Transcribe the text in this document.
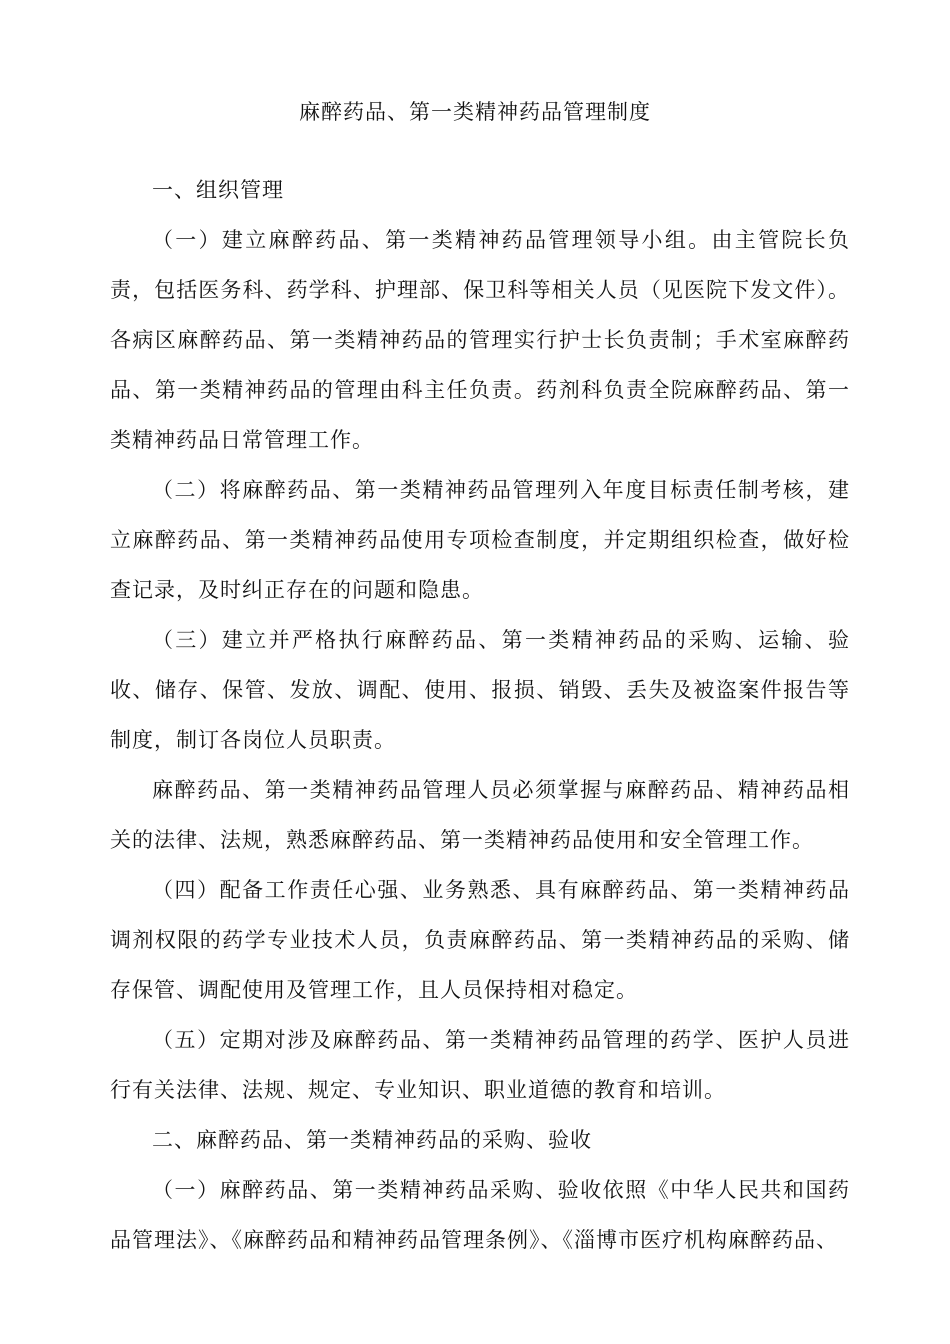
麻醉药品、第一类精神药品管理制度

一、组织管理

（一）建立麻醉药品、第一类精神药品管理领导小组。由主管院长负责，包括医务科、药学科、护理部、保卫科等相关人员（见医院下发文件）。各病区麻醉药品、第一类精神药品的管理实行护士长负责制；手术室麻醉药品、第一类精神药品的管理由科主任负责。药剂科负责全院麻醉药品、第一类精神药品日常管理工作。

（二）将麻醉药品、第一类精神药品管理列入年度目标责任制考核，建立麻醉药品、第一类精神药品使用专项检查制度，并定期组织检查，做好检查记录，及时纠正存在的问题和隐患。

（三）建立并严格执行麻醉药品、第一类精神药品的采购、运输、验收、储存、保管、发放、调配、使用、报损、销毁、丢失及被盗案件报告等制度，制订各岗位人员职责。

麻醉药品、第一类精神药品管理人员必须掌握与麻醉药品、精神药品相关的法律、法规，熟悉麻醉药品、第一类精神药品使用和安全管理工作。

（四）配备工作责任心强、业务熟悉、具有麻醉药品、第一类精神药品调剂权限的药学专业技术人员，负责麻醉药品、第一类精神药品的采购、储存保管、调配使用及管理工作，且人员保持相对稳定。

（五）定期对涉及麻醉药品、第一类精神药品管理的药学、医护人员进行有关法律、法规、规定、专业知识、职业道德的教育和培训。

二、麻醉药品、第一类精神药品的采购、验收

（一）麻醉药品、第一类精神药品采购、验收依照《中华人民共和国药品管理法》、《麻醉药品和精神药品管理条例》、《淄博市医疗机构麻醉药品、
